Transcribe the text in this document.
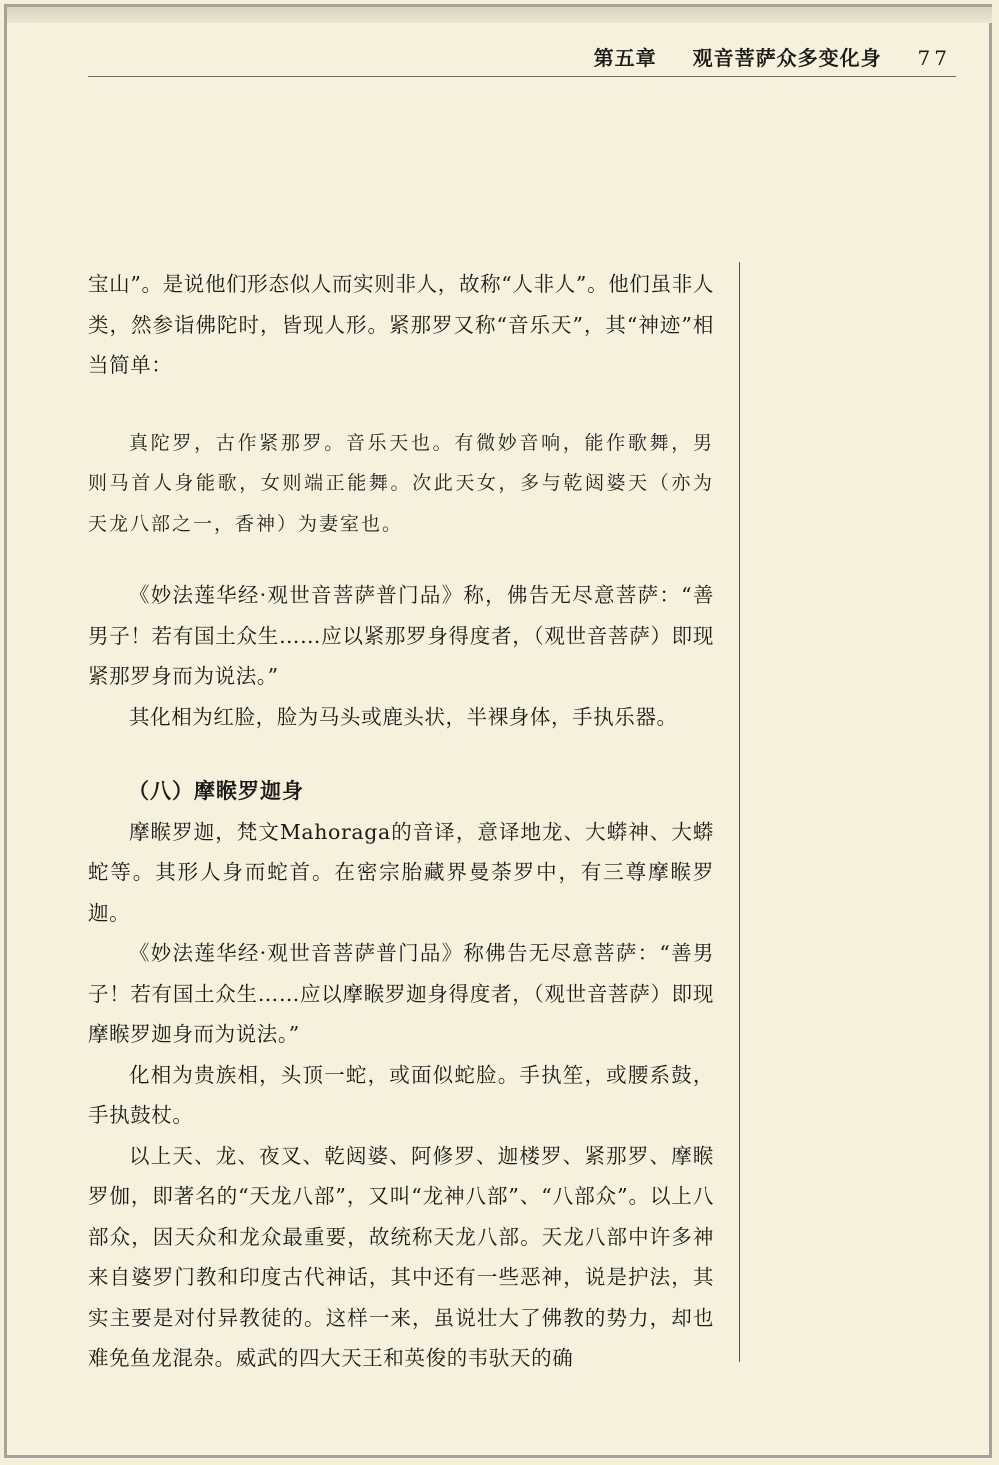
第五章 观音菩萨众多变化身 77

宝山”。是说他们形态似人而实则非人，故称“人非人”。他们虽非人类，然参诣佛陀时，皆现人形。紧那罗又称“音乐天”，其“神迹”相当简单：

真陀罗，古作紧那罗。音乐天也。有微妙音响，能作歌舞，男则马首人身能歌，女则端正能舞。次此天女，多与乾闼婆天（亦为天龙八部之一，香神）为妻室也。

《妙法莲华经·观世音菩萨普门品》称，佛告无尽意菩萨：“善男子！若有国土众生……应以紧那罗身得度者，（观世音菩萨）即现紧那罗身而为说法。”

其化相为红脸，脸为马头或鹿头状，半裸身体，手执乐器。

（八）摩睺罗迦身

摩睺罗迦，梵文Mahoraga的音译，意译地龙、大蟒神、大蟒蛇等。其形人身而蛇首。在密宗胎藏界曼荼罗中，有三尊摩睺罗迦。

《妙法莲华经·观世音菩萨普门品》称佛告无尽意菩萨：“善男子！若有国土众生……应以摩睺罗迦身得度者，（观世音菩萨）即现摩睺罗迦身而为说法。”

化相为贵族相，头顶一蛇，或面似蛇脸。手执笙，或腰系鼓，手执鼓杖。

以上天、龙、夜叉、乾闼婆、阿修罗、迦楼罗、紧那罗、摩睺罗伽，即著名的“天龙八部”，又叫“龙神八部”、“八部众”。以上八部众，因天众和龙众最重要，故统称天龙八部。天龙八部中许多神来自婆罗门教和印度古代神话，其中还有一些恶神，说是护法，其实主要是对付异教徒的。这样一来，虽说壮大了佛教的势力，却也难免鱼龙混杂。威武的四大天王和英俊的韦驮天的确
